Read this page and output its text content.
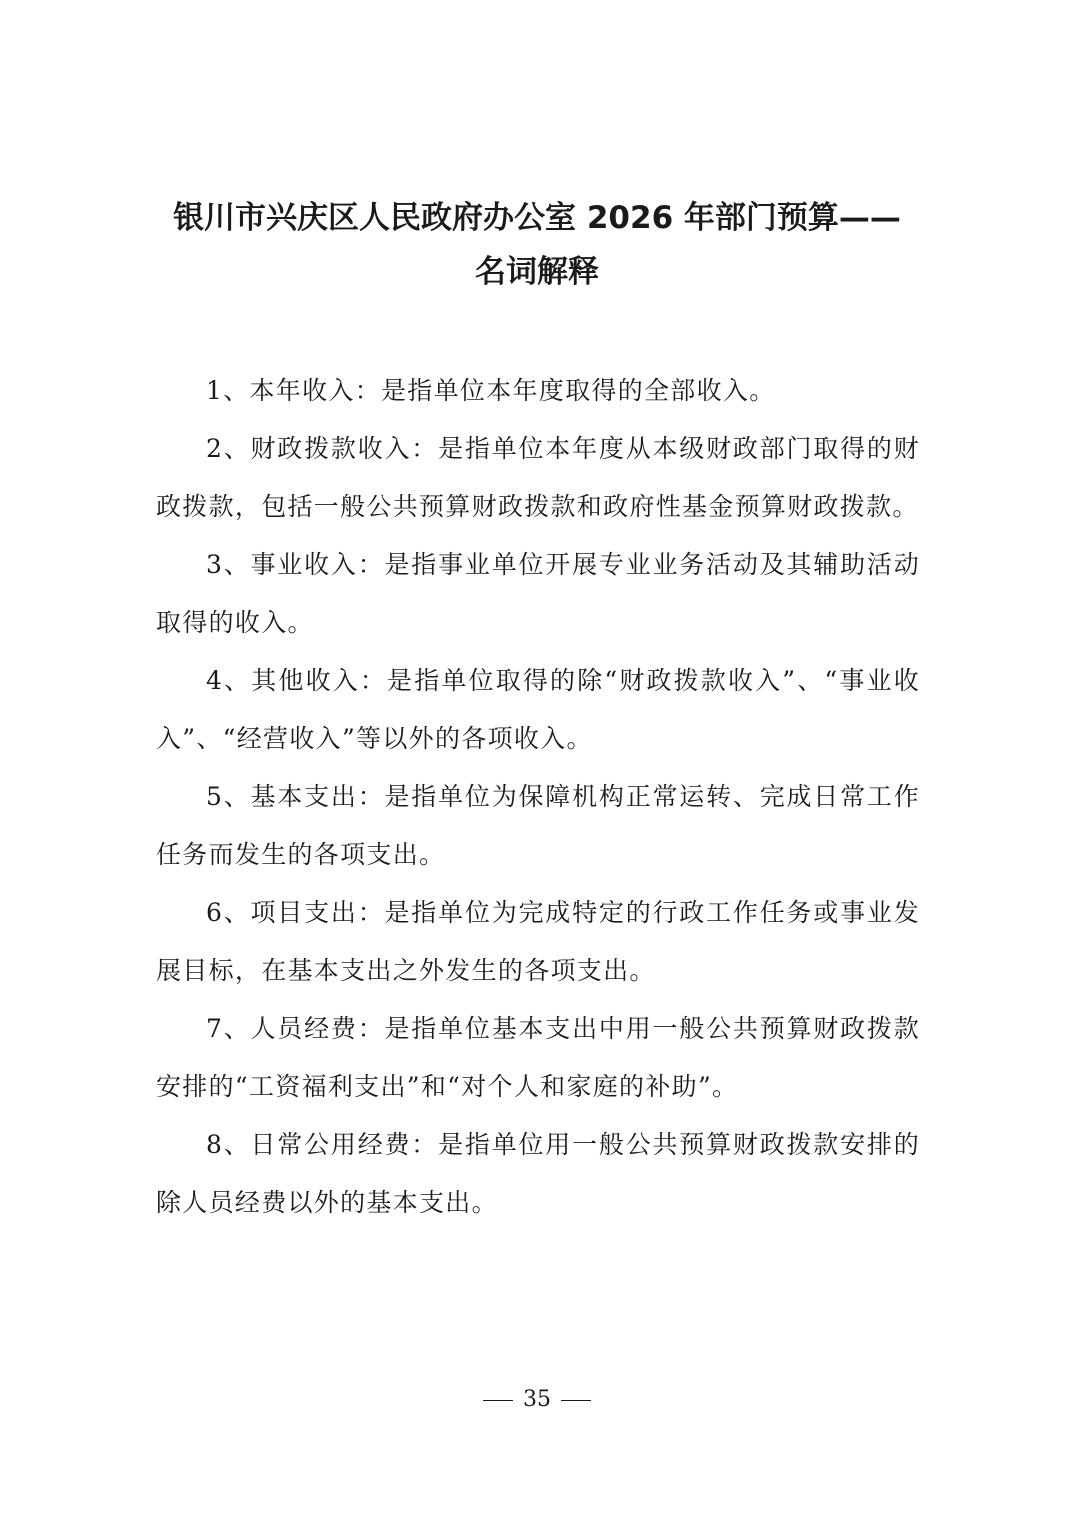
银川市兴庆区人民政府办公室 2026 年部门预算——
名词解释

1、本年收入：是指单位本年度取得的全部收入。

2、财政拨款收入：是指单位本年度从本级财政部门取得的财政拨款，包括一般公共预算财政拨款和政府性基金预算财政拨款。

3、事业收入：是指事业单位开展专业业务活动及其辅助活动取得的收入。

4、其他收入：是指单位取得的除“财政拨款收入”、“事业收入”、“经营收入”等以外的各项收入。

5、基本支出：是指单位为保障机构正常运转、完成日常工作任务而发生的各项支出。

6、项目支出：是指单位为完成特定的行政工作任务或事业发展目标，在基本支出之外发生的各项支出。

7、人员经费：是指单位基本支出中用一般公共预算财政拨款安排的“工资福利支出”和“对个人和家庭的补助”。

8、日常公用经费：是指单位用一般公共预算财政拨款安排的除人员经费以外的基本支出。

35
